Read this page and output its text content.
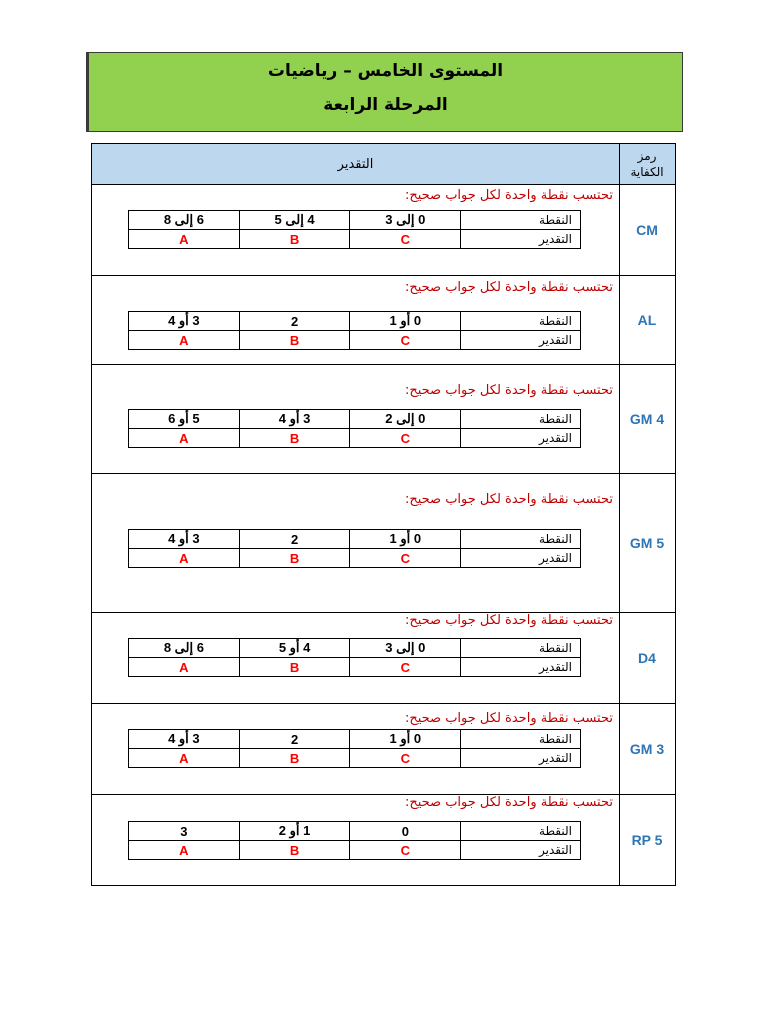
المستوى الخامس – رياضيات
المرحلة الرابعة
التقدير
رمز
الكفاية
تحتسب نقطة واحدة لكل جواب صحيح:
6 إلى 8	4 إلى 5	0 إلى 3	النقطة
A	B	C	التقدير
CM
تحتسب نقطة واحدة لكل جواب صحيح:
3 أو 4	2	0 أو 1	النقطة
A	B	C	التقدير
AL
تحتسب نقطة واحدة لكل جواب صحيح:
5 أو 6	3 أو 4	0 إلى 2	النقطة
A	B	C	التقدير
GM 4
تحتسب نقطة واحدة لكل جواب صحيح:
3 أو 4	2	0 أو 1	النقطة
A	B	C	التقدير
GM 5
تحتسب نقطة واحدة لكل جواب صحيح:
6 إلى 8	4 أو 5	0 إلى 3	النقطة
A	B	C	التقدير
D4
تحتسب نقطة واحدة لكل جواب صحيح:
3 أو 4	2	0 أو 1	النقطة
A	B	C	التقدير
GM 3
تحتسب نقطة واحدة لكل جواب صحيح:
3	1 أو 2	0	النقطة
A	B	C	التقدير
RP 5
